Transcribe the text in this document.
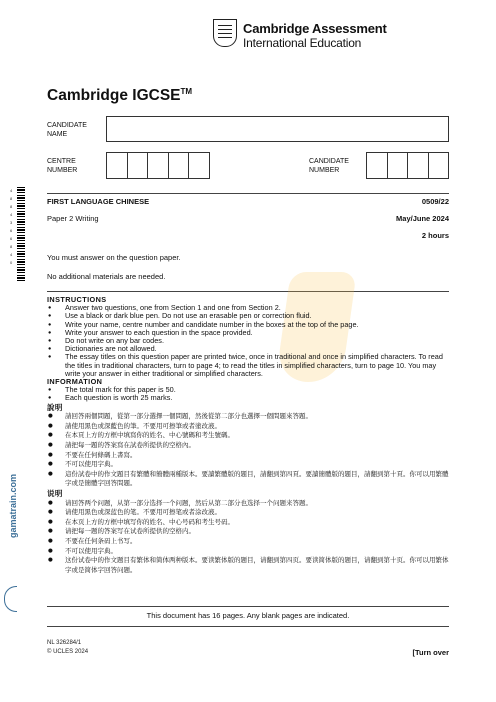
Cambridge Assessment
International Education
Cambridge IGCSE™
CANDIDATE NAME
CENTRE NUMBER
CANDIDATE NUMBER
4 8 8 4 3 6 6 8 4 0
FIRST LANGUAGE CHINESE	0509/22
Paper 2 Writing	May/June 2024
2 hours
You must answer on the question paper.
No additional materials are needed.
INSTRUCTIONS
● Answer two questions, one from Section 1 and one from Section 2.
● Use a black or dark blue pen. Do not use an erasable pen or correction fluid.
● Write your name, centre number and candidate number in the boxes at the top of the page.
● Write your answer to each question in the space provided.
● Do not write on any bar codes.
● Dictionaries are not allowed.
● The essay titles on this question paper are printed twice, once in traditional and once in simplified characters. To read the titles in traditional characters, turn to page 4; to read the titles in simplified characters, turn to page 10. You may write your answer in either traditional or simplified characters.
INFORMATION
● The total mark for this paper is 50.
● Each question is worth 25 marks.
說明
● 請回答兩個問題，從第一部分選擇一個問題，然後從第二部分也選擇一個問題來答題。
● 請使用黑色或深藍色的筆。不要用可擦筆或者塗改液。
● 在本頁上方的方框中填寫你的姓名、中心號碼和考生號碼。
● 請把每一題的答案寫在試卷所提供的空格內。
● 不要在任何條碼上書寫。
● 不可以使用字典。
● 這份試卷中的作文題目有繁體和簡體兩種版本。要讀繁體版的題目，請翻到第四頁。要讀簡體版的題目，請翻到第十頁。你可以用繁體字或是簡體字回答問題。
说明
● 请回答两个问题，从第一部分选择一个问题，然后从第二部分也选择一个问题来答题。
● 请使用黑色或深蓝色的笔。不要用可擦笔或者涂改液。
● 在本页上方的方框中填写你的姓名、中心号码和考生号码。
● 请把每一题的答案写在试卷所提供的空格内。
● 不要在任何条码上书写。
● 不可以使用字典。
● 这份试卷中的作文题目有繁体和简体两种版本。要读繁体版的题目，请翻到第四页。要读简体版的题目，请翻到第十页。你可以用繁体字或是简体字回答问题。
This document has 16 pages. Any blank pages are indicated.
NL 32628​4/1
© UCLES 2024	[Turn over
gamatrain.com
